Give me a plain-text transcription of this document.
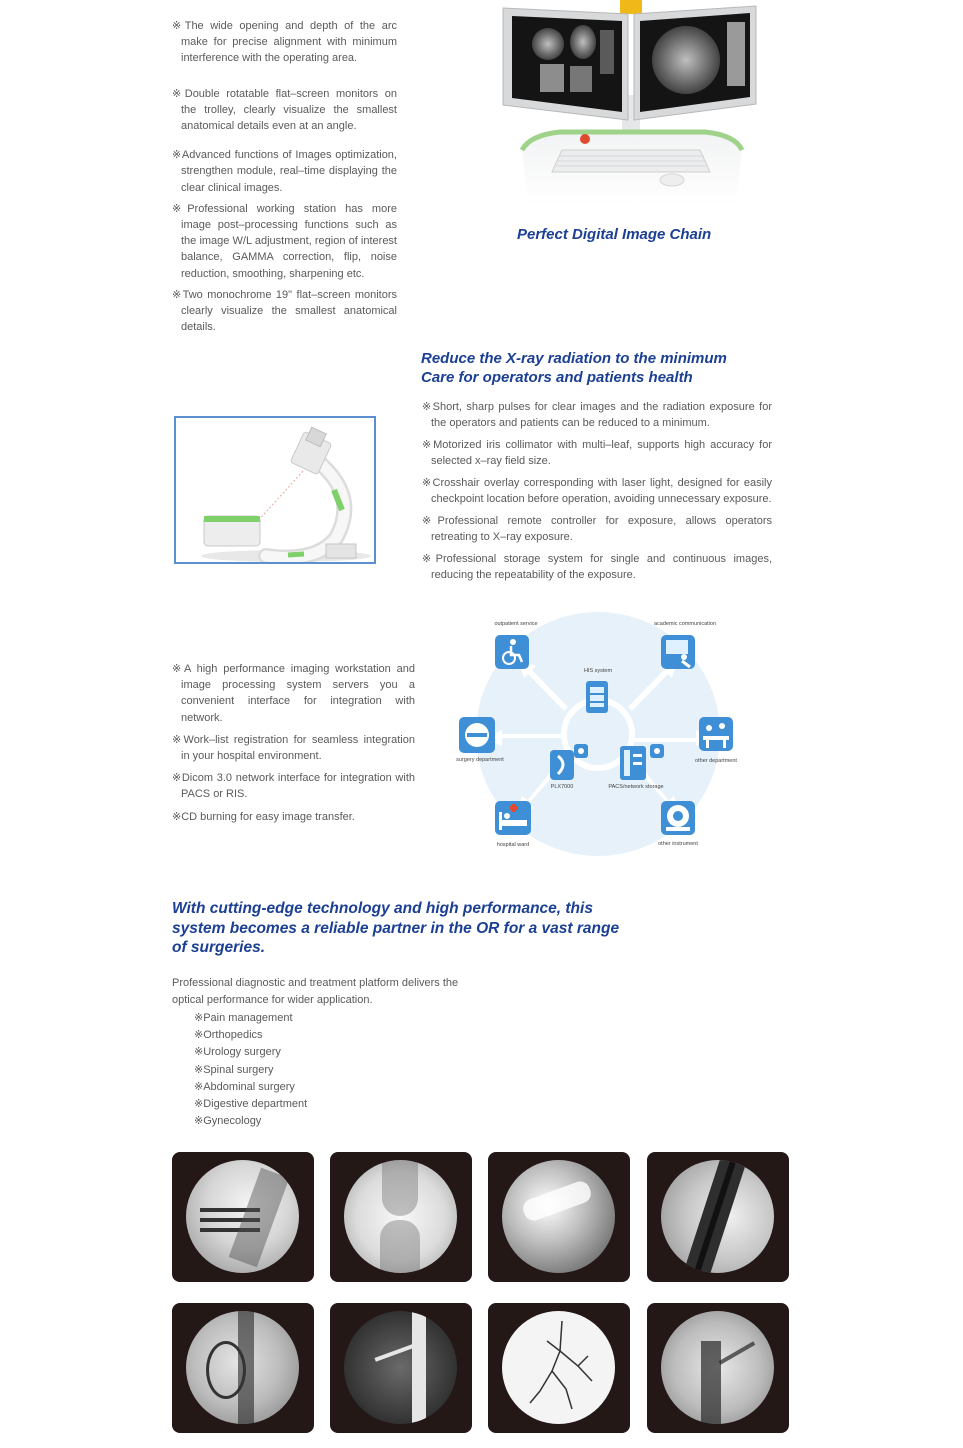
※The wide opening and depth of the arc make for precise alignment with minimum interference with the operating area.
※Double rotatable flat–screen monitors on the trolley, clearly visualize the smallest anatomical details even at an angle.
※Advanced functions of Images optimization, strengthen module, real–time displaying the clear clinical images.
※Professional working station has more image post–processing functions such as the image W/L adjustment, region of interest balance, GAMMA correction, flip, noise reduction, smoothing, sharpening etc.
※Two monochrome 19" flat–screen monitors clearly visualize the smallest anatomical details.
Perfect Digital Image Chain
Reduce the X-ray radiation to the minimum
Care for operators and patients health
※Short, sharp pulses for clear images and the radiation exposure for the operators and patients can be reduced to a minimum.
※Motorized iris collimator with multi–leaf, supports high accuracy for selected x–ray field size.
※Crosshair overlay corresponding with laser light, designed for easily checkpoint location before operation, avoiding unnecessary exposure.
※Professional remote controller for exposure, allows operators retreating to X–ray exposure.
※Professional storage system for single and continuous images, reducing the repeatability of the exposure.
※A high performance imaging workstation and image processing system servers you a convenient interface for integration with network.
※Work–list registration for seamless integration in your hospital environment.
※Dicom 3.0 network interface for integration with PACS or RIS.
※CD burning for easy image transfer.
outpatient service	academic communication
HIS system
surgery department	other department
PLX7000	PACS/network storage
hospital ward	other instrument
With cutting-edge technology and high performance, this
system becomes a reliable partner in the OR for a vast range
of surgeries.
Professional diagnostic and treatment platform delivers the
optical performance for wider application.
※Pain management
※Orthopedics
※Urology surgery
※Spinal surgery
※Abdominal surgery
※Digestive department
※Gynecology
